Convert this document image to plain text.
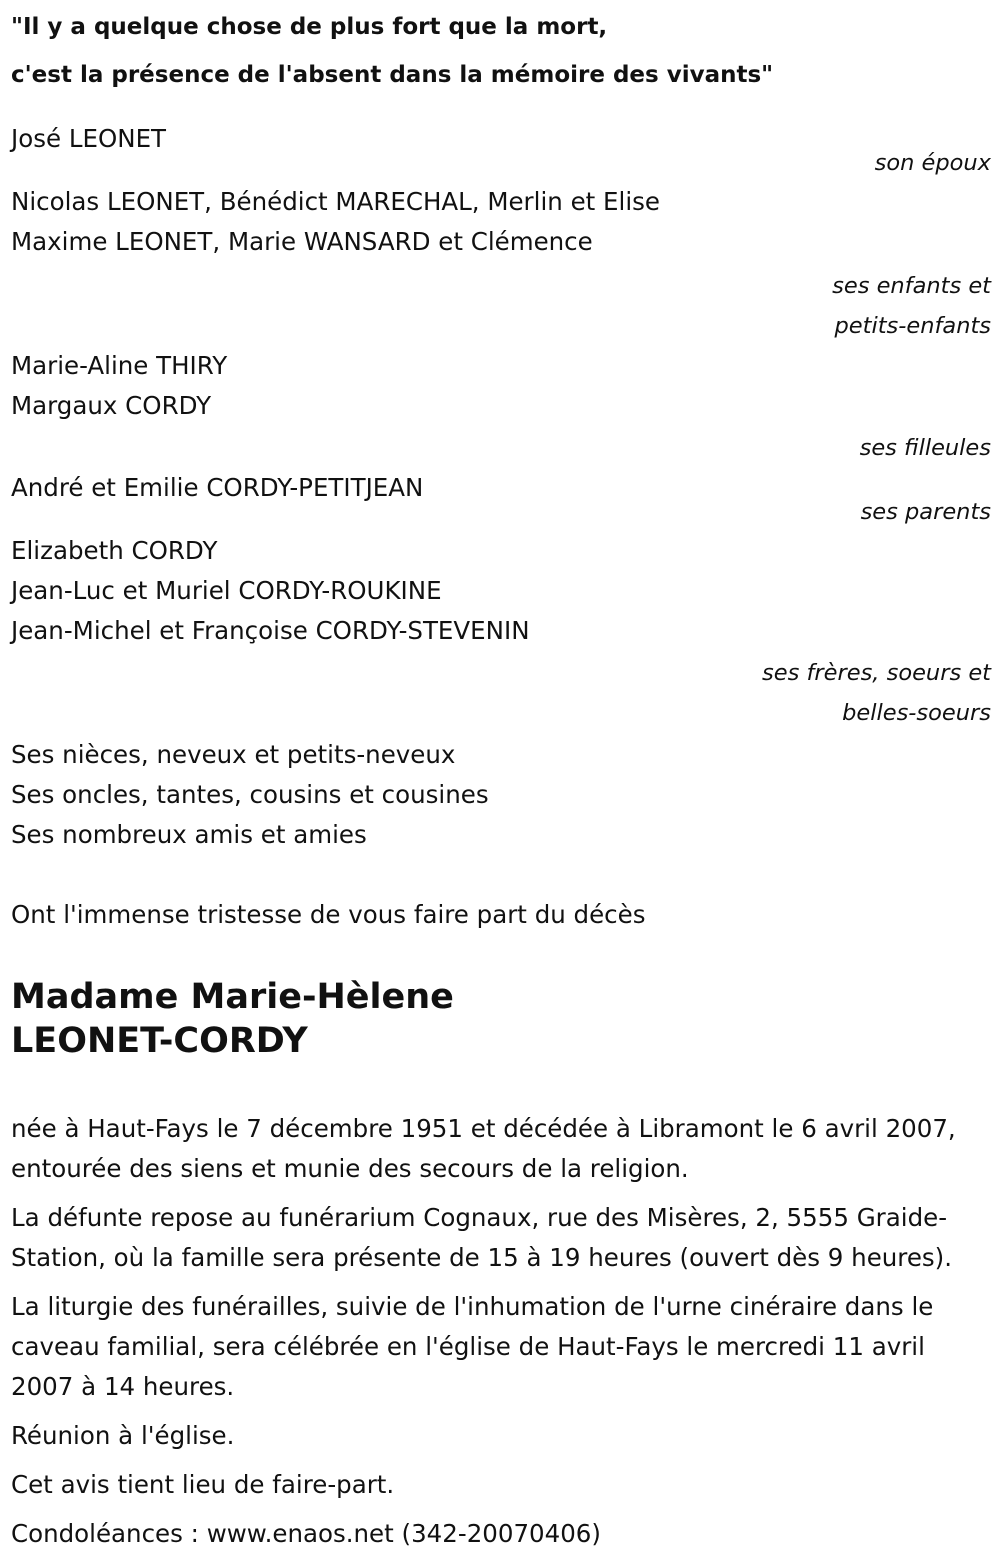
"Il y a quelque chose de plus fort que la mort,
c'est la présence de l'absent dans la mémoire des vivants"
José LEONET
son époux
Nicolas LEONET, Bénédict MARECHAL, Merlin et Elise
Maxime LEONET, Marie WANSARD et Clémence
ses enfants et
petits-enfants
Marie-Aline THIRY
Margaux CORDY
ses filleules
André et Emilie CORDY-PETITJEAN
ses parents
Elizabeth CORDY
Jean-Luc et Muriel CORDY-ROUKINE
Jean-Michel et Françoise CORDY-STEVENIN
ses frères, soeurs et
belles-soeurs
Ses nièces, neveux et petits-neveux
Ses oncles, tantes, cousins et cousines
Ses nombreux amis et amies
Ont l'immense tristesse de vous faire part du décès
Madame Marie-Hèlene
LEONET-CORDY

née à Haut-Fays le 7 décembre 1951 et décédée à Libramont le 6 avril 2007, entourée des siens et munie des secours de la religion.

La défunte repose au funérarium Cognaux, rue des Misères, 2, 5555 Graide-Station, où la famille sera présente de 15 à 19 heures (ouvert dès 9 heures).

La liturgie des funérailles, suivie de l'inhumation de l'urne cinéraire dans le caveau familial, sera célébrée en l'église de Haut-Fays le mercredi 11 avril 2007 à 14 heures.

Réunion à l'église.

Cet avis tient lieu de faire-part.

Condoléances : www.enaos.net (342-20070406)
